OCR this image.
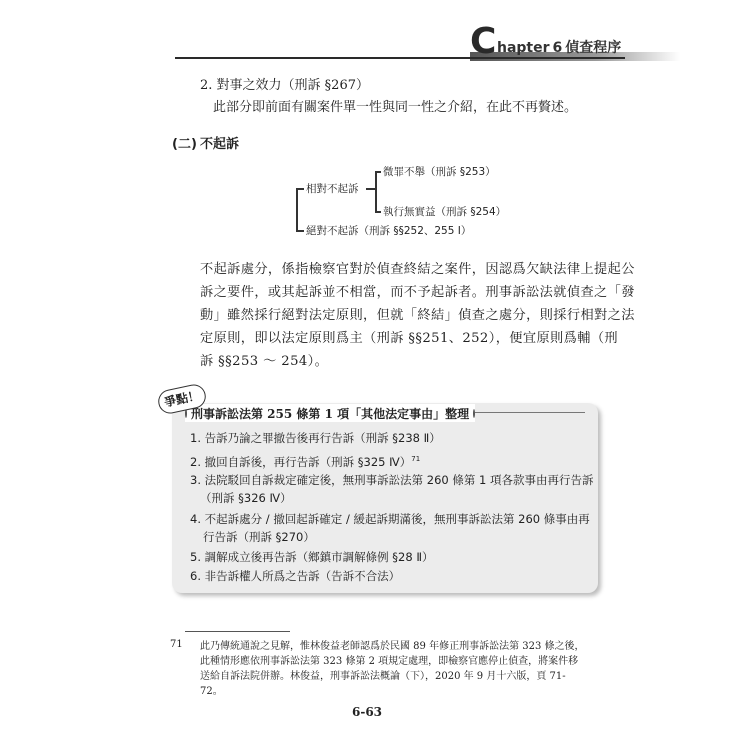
C hapter 6 偵查程序
2. 對事之效力（刑訴 §267）
此部分即前面有關案件單一性與同一性之介紹，在此不再贅述。
(二) 不起訴
相對不起訴
微罪不舉（刑訴 §253）
執行無實益（刑訴 §254）
絕對不起訴（刑訴 §§252、255 Ⅰ）
不起訴處分，係指檢察官對於偵查終結之案件，因認爲欠缺法律上提起公
訴之要件，或其起訴並不相當，而不予起訴者。刑事訴訟法就偵查之「發
動」雖然採行絕對法定原則，但就「終結」偵查之處分，則採行相對之法
定原則，即以法定原則爲主（刑訴 §§251、252），便宜原則爲輔（刑
訴 §§253 ～ 254）。
爭點！
刑事訴訟法第 255 條第 1 項「其他法定事由」整理
1. 告訴乃論之罪撤告後再行告訴（刑訴 §238 Ⅱ）
2. 撤回自訴後，再行告訴（刑訴 §325 Ⅳ）$^{71}$
3. 法院駁回自訴裁定確定後，無刑事訴訟法第 260 條第 1 項各款事由再行告訴
（刑訴 §326 Ⅳ）
4. 不起訴處分 / 撤回起訴確定 / 緩起訴期滿後，無刑事訴訟法第 260 條事由再
行告訴（刑訴 §270）
5. 調解成立後再告訴（鄉鎮市調解條例 §28 Ⅱ）
6. 非告訴權人所爲之告訴（告訴不合法）
71 此乃傳統通說之見解，惟林俊益老師認爲於民國 89 年修正刑事訴訟法第 323 條之後，
此種情形應依刑事訴訟法第 323 條第 2 項規定處理，即檢察官應停止偵查，將案件移
送給自訴法院併辦。林俊益，刑事訴訟法概論（下），2020 年 9 月十六版，頁 71-
72。
6-63
